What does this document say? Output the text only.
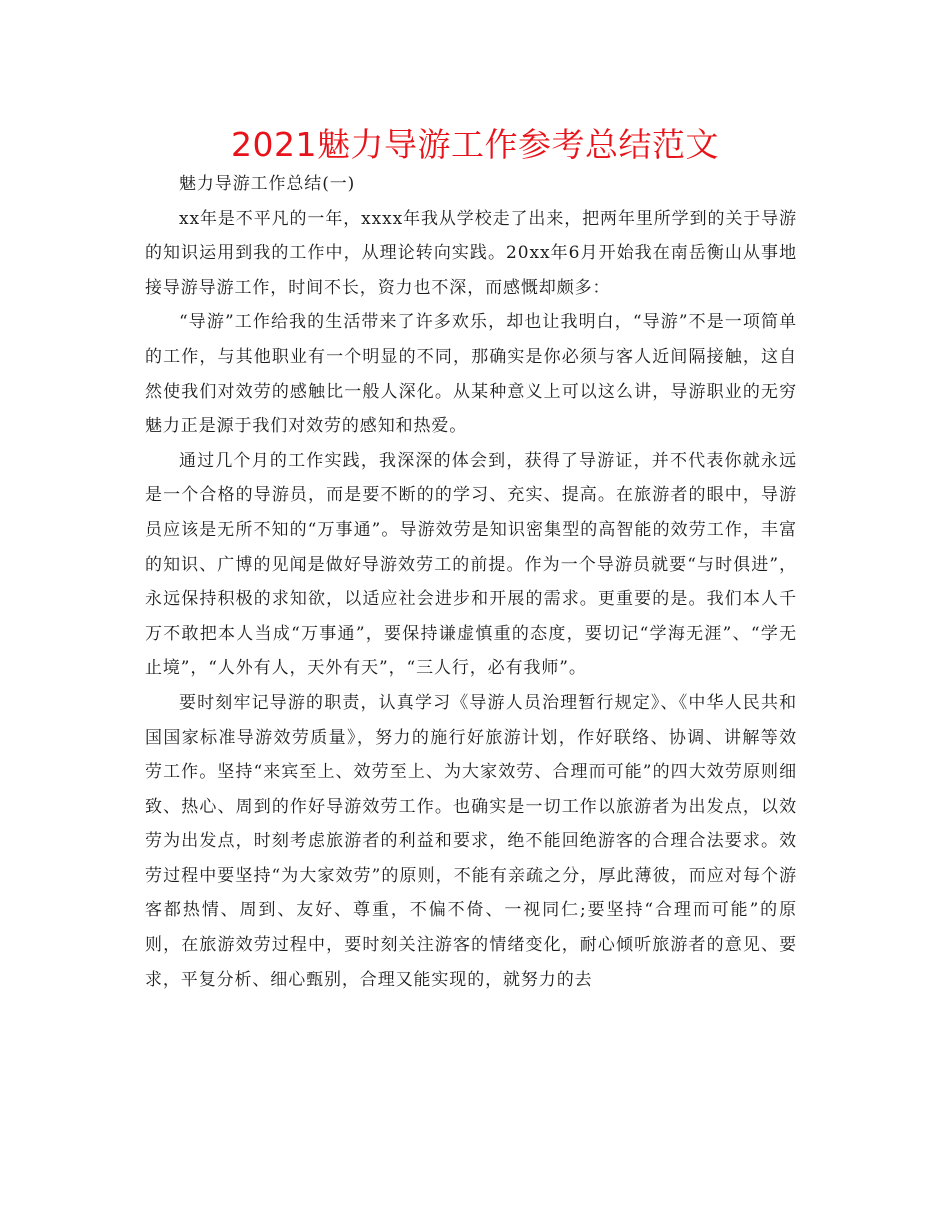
2021魅力导游工作参考总结范文

魅力导游工作总结(一)

xx年是不平凡的一年，xxxx年我从学校走了出来，把两年里所学到的关于导游的知识运用到我的工作中，从理论转向实践。20xx年6月开始我在南岳衡山从事地接导游导游工作，时间不长，资力也不深，而感慨却颇多：

“导游”工作给我的生活带来了许多欢乐，却也让我明白，“导游”不是一项简单的工作，与其他职业有一个明显的不同，那确实是你必须与客人近间隔接触，这自然使我们对效劳的感触比一般人深化。从某种意义上可以这么讲，导游职业的无穷魅力正是源于我们对效劳的感知和热爱。

通过几个月的工作实践，我深深的体会到，获得了导游证，并不代表你就永远是一个合格的导游员，而是要不断的的学习、充实、提高。在旅游者的眼中，导游员应该是无所不知的“万事通”。导游效劳是知识密集型的高智能的效劳工作，丰富的知识、广博的见闻是做好导游效劳工的前提。作为一个导游员就要“与时俱进”，永远保持积极的求知欲，以适应社会进步和开展的需求。更重要的是。我们本人千万不敢把本人当成“万事通”，要保持谦虚慎重的态度，要切记“学海无涯”、“学无止境”，“人外有人，天外有天”，“三人行，必有我师”。

要时刻牢记导游的职责，认真学习《导游人员治理暂行规定》、《中华人民共和国国家标准导游效劳质量》，努力的施行好旅游计划，作好联络、协调、讲解等效劳工作。坚持“来宾至上、效劳至上、为大家效劳、合理而可能”的四大效劳原则细致、热心、周到的作好导游效劳工作。也确实是一切工作以旅游者为出发点，以效劳为出发点，时刻考虑旅游者的利益和要求，绝不能回绝游客的合理合法要求。效劳过程中要坚持“为大家效劳”的原则，不能有亲疏之分，厚此薄彼，而应对每个游客都热情、周到、友好、尊重，不偏不倚、一视同仁;要坚持“合理而可能”的原则，在旅游效劳过程中，要时刻关注游客的情绪变化，耐心倾听旅游者的意见、要求，平复分析、细心甄别，合理又能实现的，就努力的去
